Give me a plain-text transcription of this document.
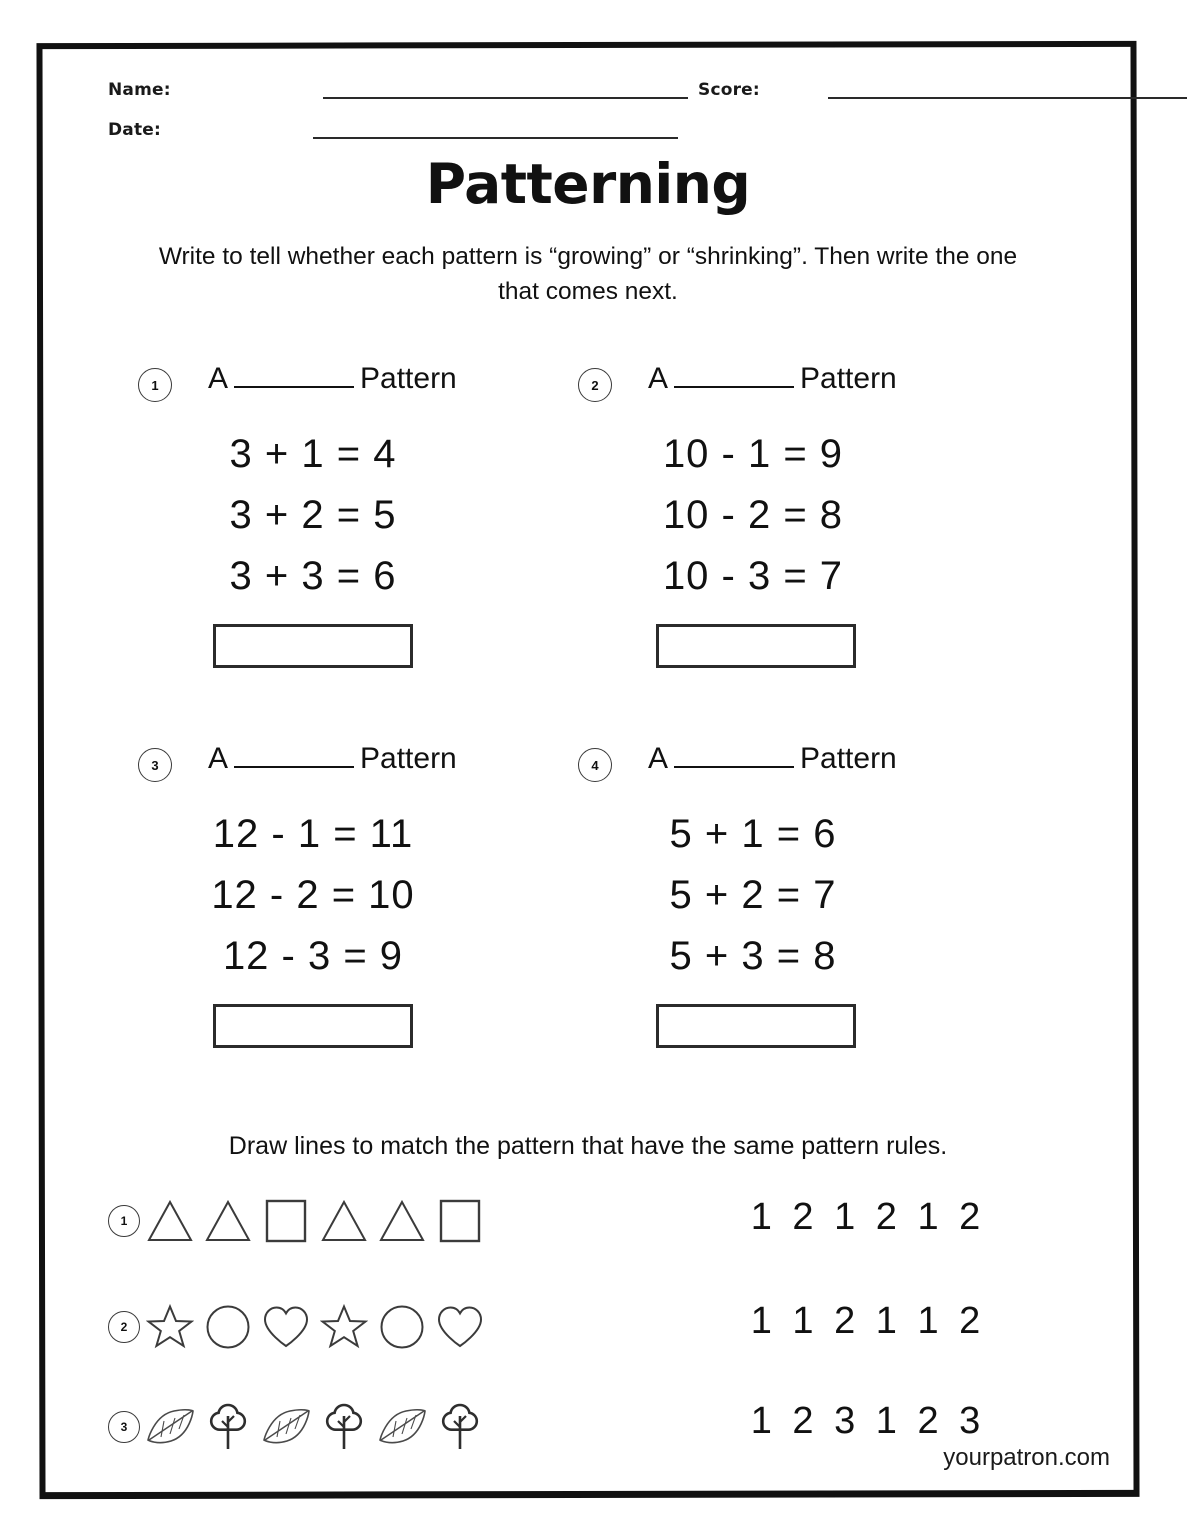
Name:
Date:
Score:
Patterning
Write to tell whether each pattern is “growing” or “shrinking”. Then write the one that comes next.
1	A	Pattern
3 + 1 = 4
3 + 2 = 5
3 + 3 = 6
2	A	Pattern
10 - 1 = 9
10 - 2 = 8
10 - 3 = 7
3	A	Pattern
12 - 1 = 11
12 - 2 = 10
12 - 3 = 9
4	A	Pattern
5 + 1 = 6
5 + 2 = 7
5 + 3 = 8
Draw lines to match the pattern that have the same pattern rules.
1
2
3
1 2 1 2 1 2
1 1 2 1 1 2
1 2 3 1 2 3
yourpatron.com
